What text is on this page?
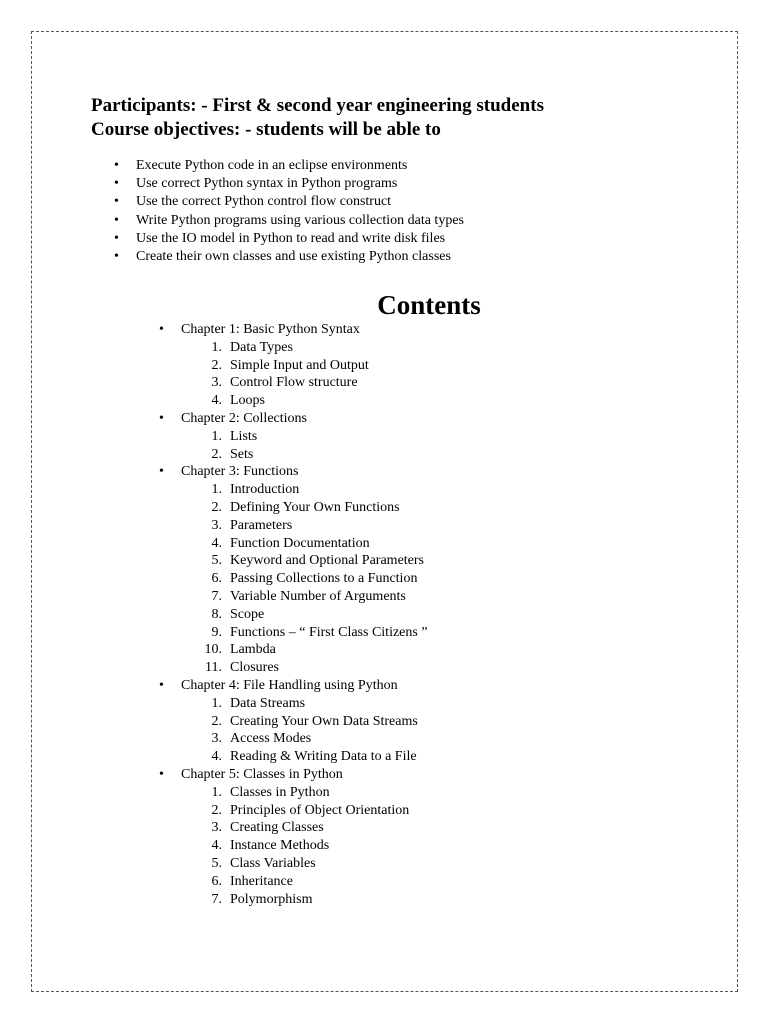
Participants: - First & second year engineering students
Course objectives: - students will be able to
• Execute Python code in an eclipse environments
• Use correct Python syntax in Python programs
• Use the correct Python control flow construct
• Write Python programs using various collection data types
• Use the IO model in Python to read and write disk files
• Create their own classes and use existing Python classes
Contents
• Chapter 1: Basic Python Syntax
1. Data Types
2. Simple Input and Output
3. Control Flow structure
4. Loops
• Chapter 2: Collections
1. Lists
2. Sets
• Chapter 3: Functions
1. Introduction
2. Defining Your Own Functions
3. Parameters
4. Function Documentation
5. Keyword and Optional Parameters
6. Passing Collections to a Function
7. Variable Number of Arguments
8. Scope
9. Functions – “ First Class Citizens ”
10. Lambda
11. Closures
• Chapter 4: File Handling using Python
1. Data Streams
2. Creating Your Own Data Streams
3. Access Modes
4. Reading & Writing Data to a File
• Chapter 5: Classes in Python
1. Classes in Python
2. Principles of Object Orientation
3. Creating Classes
4. Instance Methods
5. Class Variables
6. Inheritance
7. Polymorphism
